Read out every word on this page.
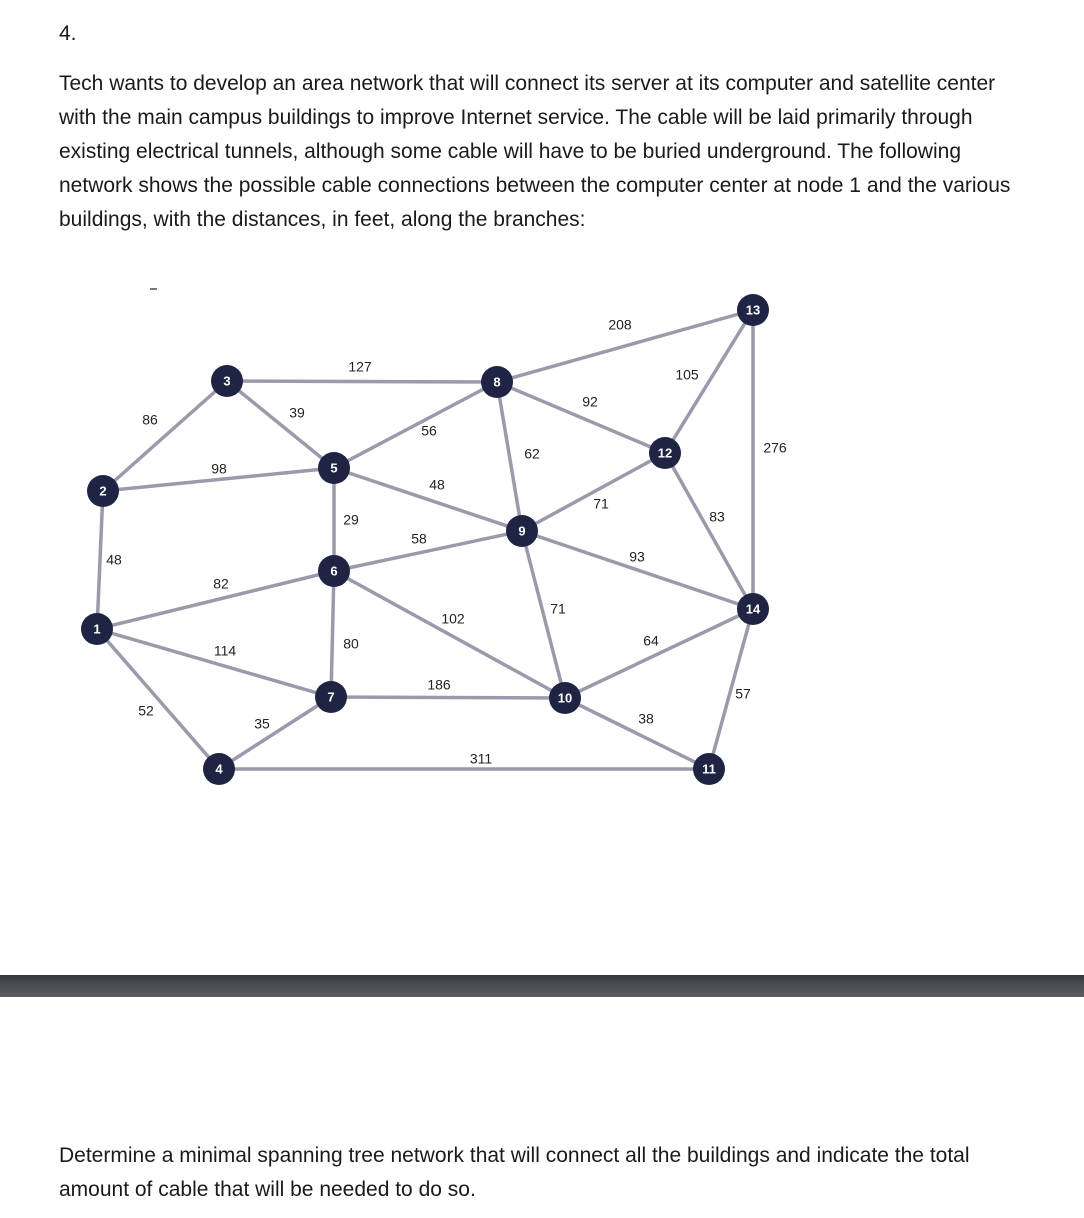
4.

Tech wants to develop an area network that will connect its server at its computer and satellite center with the main campus buildings to improve Internet service. The cable will be laid primarily through existing electrical tunnels, although some cable will have to be buried underground. The following network shows the possible cable connections between the computer center at node 1 and the various buildings, with the distances, in feet, along the branches:

48
86
98
39
127
56
48
29
58
82
114
52
35
80
102
186
311
62
92
208
71
71
93
105
83
276
64
38
57
1
2
3
4
5
6
7
8
9
10
11
12
13
14

Determine a minimal spanning tree network that will connect all the buildings and indicate the total amount of cable that will be needed to do so.
